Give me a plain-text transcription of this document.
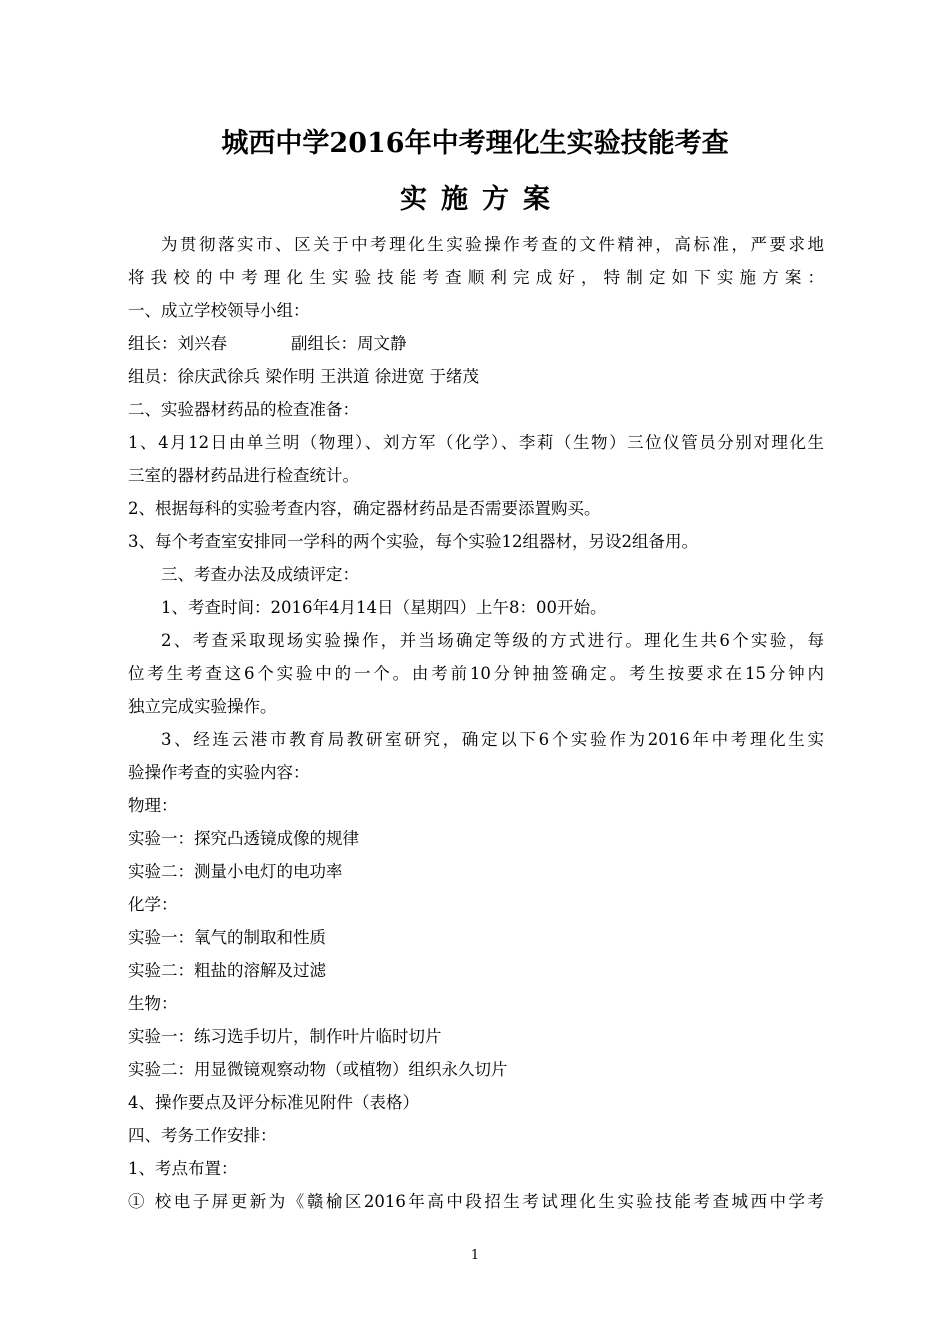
城西中学2016年中考理化生实验技能考查
实施方案
为贯彻落实市、区关于中考理化生实验操作考查的文件精神，高标准，严要求地
将我校的中考理化生实验技能考查顺利完成好，特制定如下实施方案：
一、成立学校领导小组：
组长：刘兴春	副组长：周文静
组员：徐庆武徐兵 梁作明 王洪道 徐进宽 于绪茂
二、实验器材药品的检查准备：
1、4月12日由单兰明（物理）、刘方军（化学）、李莉（生物）三位仪管员分别对理化生
三室的器材药品进行检查统计。
2、根据每科的实验考查内容，确定器材药品是否需要添置购买。
3、每个考查室安排同一学科的两个实验，每个实验12组器材，另设2组备用。
三、考查办法及成绩评定：
1、考查时间：2016年4月14日（星期四）上午8：00开始。
2、考查采取现场实验操作，并当场确定等级的方式进行。理化生共6个实验，每
位考生考查这6个实验中的一个。由考前10分钟抽签确定。考生按要求在15分钟内
独立完成实验操作。
3、经连云港市教育局教研室研究，确定以下6个实验作为2016年中考理化生实
验操作考查的实验内容：
物理：
实验一：探究凸透镜成像的规律
实验二：测量小电灯的电功率
化学：
实验一：氧气的制取和性质
实验二：粗盐的溶解及过滤
生物：
实验一：练习选手切片，制作叶片临时切片
实验二：用显微镜观察动物（或植物）组织永久切片
4、操作要点及评分标准见附件（表格）
四、考务工作安排：
1、考点布置：
① 校电子屏更新为《赣榆区2016年高中段招生考试理化生实验技能考查城西中学考
1
